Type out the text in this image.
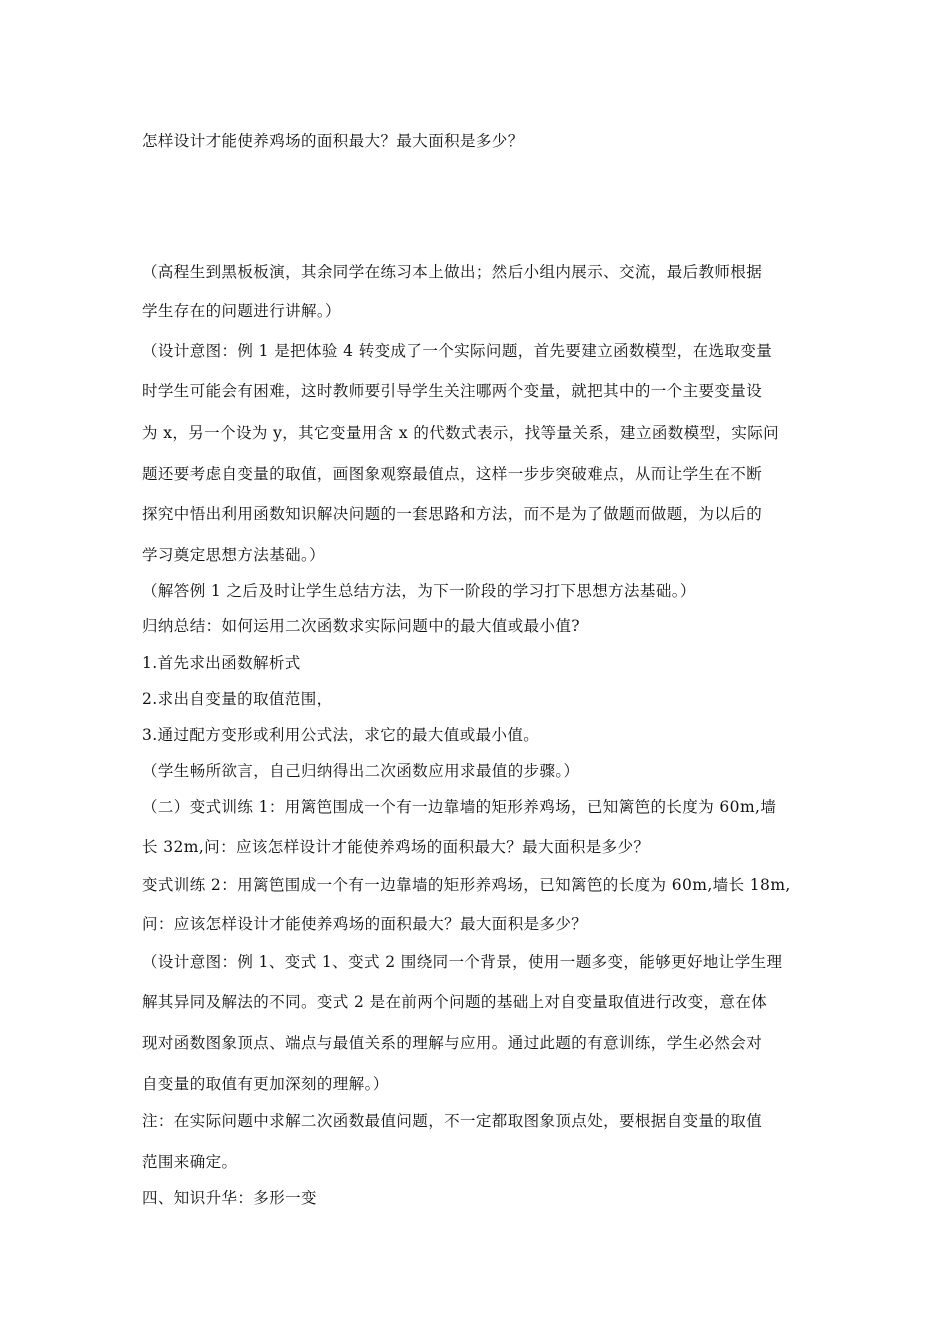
怎样设计才能使养鸡场的面积最大？最大面积是多少？
（高程生到黑板板演，其余同学在练习本上做出；然后小组内展示、交流，最后教师根据
学生存在的问题进行讲解。）
（设计意图：例 1 是把体验 4 转变成了一个实际问题，首先要建立函数模型，在选取变量
时学生可能会有困难，这时教师要引导学生关注哪两个变量，就把其中的一个主要变量设
为 x，另一个设为 y，其它变量用含 x 的代数式表示，找等量关系，建立函数模型，实际问
题还要考虑自变量的取值，画图象观察最值点，这样一步步突破难点，从而让学生在不断
探究中悟出利用函数知识解决问题的一套思路和方法，而不是为了做题而做题，为以后的
学习奠定思想方法基础。）
（解答例 1 之后及时让学生总结方法，为下一阶段的学习打下思想方法基础。）
归纳总结：如何运用二次函数求实际问题中的最大值或最小值?
1.首先求出函数解析式
2.求出自变量的取值范围，
3.通过配方变形或利用公式法，求它的最大值或最小值。
（学生畅所欲言，自己归纳得出二次函数应用求最值的步骤。）
（二）变式训练 1：用篱笆围成一个有一边靠墙的矩形养鸡场，已知篱笆的长度为 60m,墙
长 32m,问：应该怎样设计才能使养鸡场的面积最大？最大面积是多少？
变式训练 2：用篱笆围成一个有一边靠墙的矩形养鸡场，已知篱笆的长度为 60m,墙长 18m,
问：应该怎样设计才能使养鸡场的面积最大？最大面积是多少？
（设计意图：例 1、变式 1、变式 2 围绕同一个背景，使用一题多变，能够更好地让学生理
解其异同及解法的不同。变式 2 是在前两个问题的基础上对自变量取值进行改变，意在体
现对函数图象顶点、端点与最值关系的理解与应用。通过此题的有意训练，学生必然会对
自变量的取值有更加深刻的理解。）
注：在实际问题中求解二次函数最值问题，不一定都取图象顶点处，要根据自变量的取值
范围来确定。
四、知识升华：多形一变
